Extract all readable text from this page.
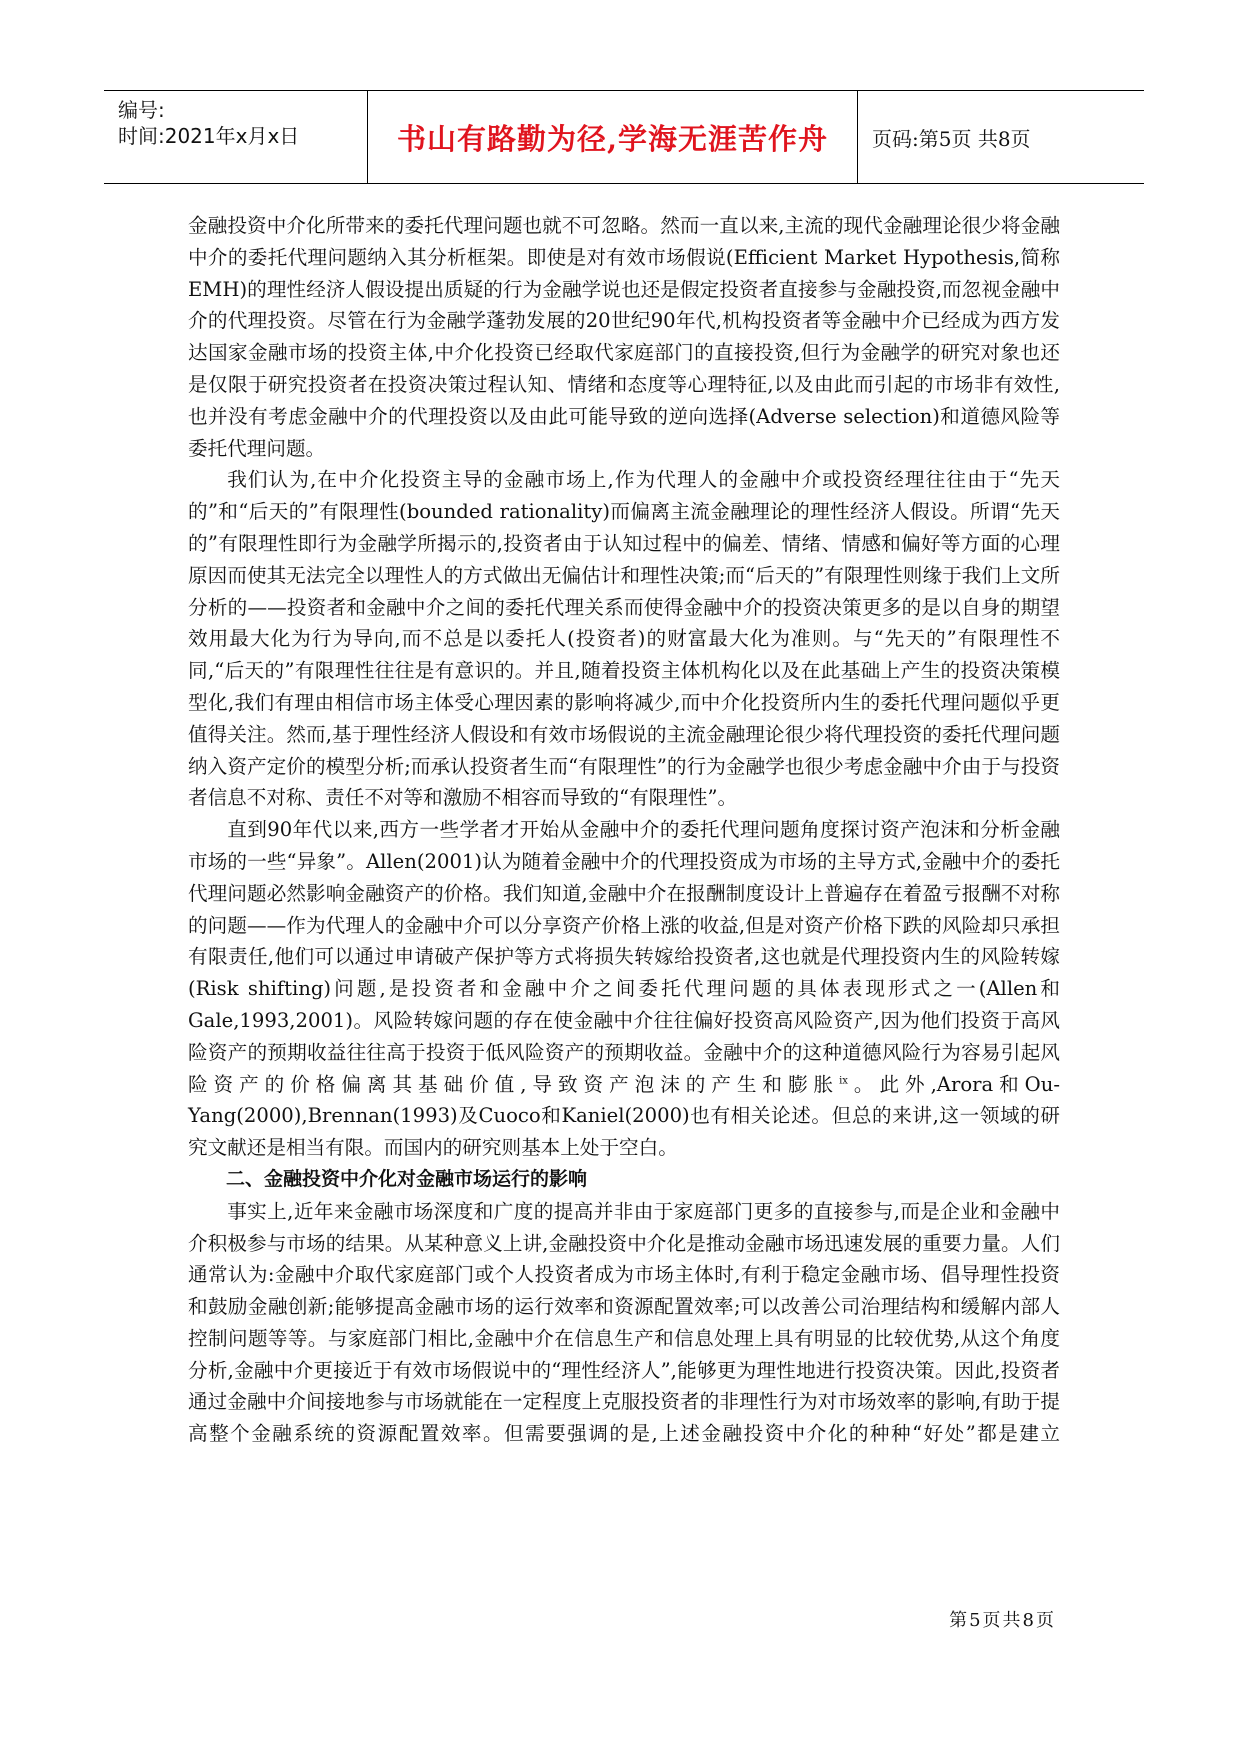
编号:
时间:2021年x月x日	书山有路勤为径,学海无涯苦作舟	页码:第5页 共8页

金融投资中介化所带来的委托代理问题也就不可忽略。然而一直以来,主流的现代金融理论很少将金融中介的委托代理问题纳入其分析框架。即使是对有效市场假说(Efficient Market Hypothesis,简称EMH)的理性经济人假设提出质疑的行为金融学说也还是假定投资者直接参与金融投资,而忽视金融中介的代理投资。尽管在行为金融学蓬勃发展的20世纪90年代,机构投资者等金融中介已经成为西方发达国家金融市场的投资主体,中介化投资已经取代家庭部门的直接投资,但行为金融学的研究对象也还是仅限于研究投资者在投资决策过程认知、情绪和态度等心理特征,以及由此而引起的市场非有效性,也并没有考虑金融中介的代理投资以及由此可能导致的逆向选择(Adverse selection)和道德风险等委托代理问题。

我们认为,在中介化投资主导的金融市场上,作为代理人的金融中介或投资经理往往由于“先天的”和“后天的”有限理性(bounded rationality)而偏离主流金融理论的理性经济人假设。所谓“先天的”有限理性即行为金融学所揭示的,投资者由于认知过程中的偏差、情绪、情感和偏好等方面的心理原因而使其无法完全以理性人的方式做出无偏估计和理性决策;而“后天的”有限理性则缘于我们上文所分析的——投资者和金融中介之间的委托代理关系而使得金融中介的投资决策更多的是以自身的期望效用最大化为行为导向,而不总是以委托人(投资者)的财富最大化为准则。与“先天的”有限理性不同,“后天的”有限理性往往是有意识的。并且,随着投资主体机构化以及在此基础上产生的投资决策模型化,我们有理由相信市场主体受心理因素的影响将减少,而中介化投资所内生的委托代理问题似乎更值得关注。然而,基于理性经济人假设和有效市场假说的主流金融理论很少将代理投资的委托代理问题纳入资产定价的模型分析;而承认投资者生而“有限理性”的行为金融学也很少考虑金融中介由于与投资者信息不对称、责任不对等和激励不相容而导致的“有限理性”。

直到90年代以来,西方一些学者才开始从金融中介的委托代理问题角度探讨资产泡沫和分析金融市场的一些“异象”。Allen(2001)认为随着金融中介的代理投资成为市场的主导方式,金融中介的委托代理问题必然影响金融资产的价格。我们知道,金融中介在报酬制度设计上普遍存在着盈亏报酬不对称的问题——作为代理人的金融中介可以分享资产价格上涨的收益,但是对资产价格下跌的风险却只承担有限责任,他们可以通过申请破产保护等方式将损失转嫁给投资者,这也就是代理投资内生的风险转嫁(Risk shifting)问题,是投资者和金融中介之间委托代理问题的具体表现形式之一(Allen和Gale,1993,2001)。风险转嫁问题的存在使金融中介往往偏好投资高风险资产,因为他们投资于高风险资产的预期收益往往高于投资于低风险资产的预期收益。金融中介的这种道德风险行为容易引起风险资产的价格偏离其基础价值,导致资产泡沫的产生和膨胀$^{ix}$。此外,Arora和Ou-Yang(2000),Brennan(1993)及Cuoco和Kaniel(2000)也有相关论述。但总的来讲,这一领域的研究文献还是相当有限。而国内的研究则基本上处于空白。

二、金融投资中介化对金融市场运行的影响

事实上,近年来金融市场深度和广度的提高并非由于家庭部门更多的直接参与,而是企业和金融中介积极参与市场的结果。从某种意义上讲,金融投资中介化是推动金融市场迅速发展的重要力量。人们通常认为:金融中介取代家庭部门或个人投资者成为市场主体时,有利于稳定金融市场、倡导理性投资和鼓励金融创新;能够提高金融市场的运行效率和资源配置效率;可以改善公司治理结构和缓解内部人控制问题等等。与家庭部门相比,金融中介在信息生产和信息处理上具有明显的比较优势,从这个角度分析,金融中介更接近于有效市场假说中的“理性经济人”,能够更为理性地进行投资决策。因此,投资者通过金融中介间接地参与市场就能在一定程度上克服投资者的非理性行为对市场效率的影响,有助于提高整个金融系统的资源配置效率。但需要强调的是,上述金融投资中介化的种种“好处”都是建立

第5页共8页
